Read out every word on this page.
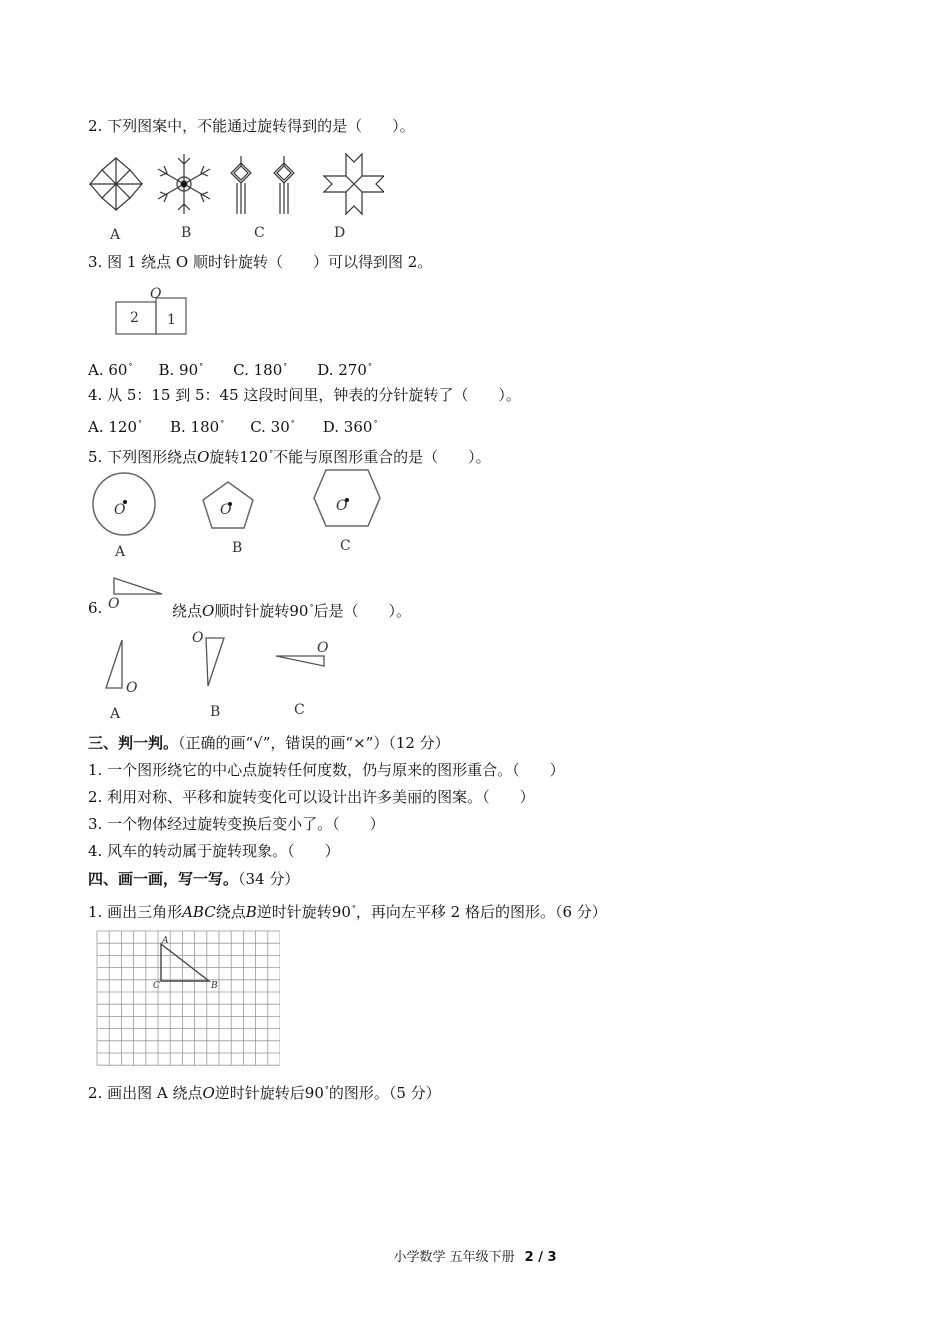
2. 下列图案中，不能通过旋转得到的是（　　）。
A	B	C	D
3. 图 1 绕点 O 顺时针旋转（　　）可以得到图 2。
O
2 1
A. 60° B. 90° C. 180° D. 270°
4. 从 5：15 到 5：45 这段时间里，钟表的分针旋转了（　　）。
A. 120° B. 180° C. 30° D. 360°
5. 下列图形绕点O旋转120°不能与原图形重合的是（　　）。
O	O	O
A	B	C
O
6.	绕点O顺时针旋转90°后是（　　）。
O
O
O
A	B	C
三、判一判。（正确的画“√”，错误的画“×”）（12 分）
1. 一个图形绕它的中心点旋转任何度数，仍与原来的图形重合。（　　）
2. 利用对称、平移和旋转变化可以设计出许多美丽的图案。（　　）
3. 一个物体经过旋转变换后变小了。（　　）
4. 风车的转动属于旋转现象。（　　）
四、画一画，写一写。（34 分）
1. 画出三角形ABC绕点B逆时针旋转90°，再向左平移 2 格后的图形。（6 分）
A
B
C
2. 画出图 A 绕点O逆时针旋转后90°的图形。（5 分）
小学数学 五年级下册 2 / 3
